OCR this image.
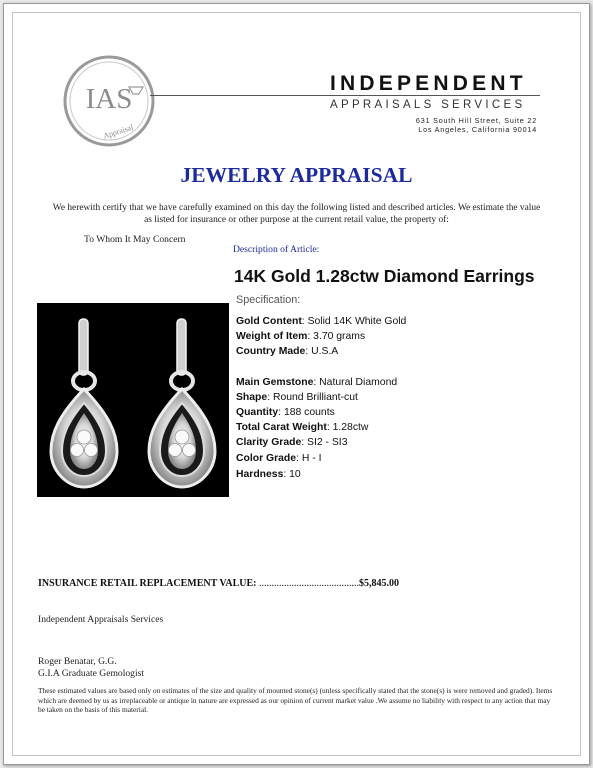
IAS
Appraisal
INDEPENDENT
APPRAISALS SERVICES
631 South Hill Street, Suite 22
Los Angeles, California 90014
JEWELRY APPRAISAL
We herewith certify that we have carefully examined on this day the following listed and described articles. We estimate the value as listed for insurance or other purpose at the current retail value, the property of:
To Whom It May Concern
Description of Article:
14K Gold 1.28ctw Diamond Earrings
Specification:
Gold Content: Solid 14K White Gold
Weight of Item: 3.70 grams
Country Made: U.S.A
Main Gemstone: Natural Diamond
Shape: Round Brilliant-cut
Quantity: 188 counts
Total Carat Weight: 1.28ctw
Clarity Grade: SI2 - SI3
Color Grade: H - I
Hardness: 10
INSURANCE RETAIL REPLACEMENT VALUE: ........................................$5,845.00
Independent Appraisals Services
Roger Benatar, G.G.
G.I.A Graduate Gemologist
These estimated values are based only on estimates of the size and quality of mounted stone(s) (unless specifically stated that the stone(s) is were removed and graded). Items which are deemed by us as irreplaceable or antique in nature are expressed as our opinion of current market value .We assume no liability with respect to any action that may be taken on the basis of this material.
